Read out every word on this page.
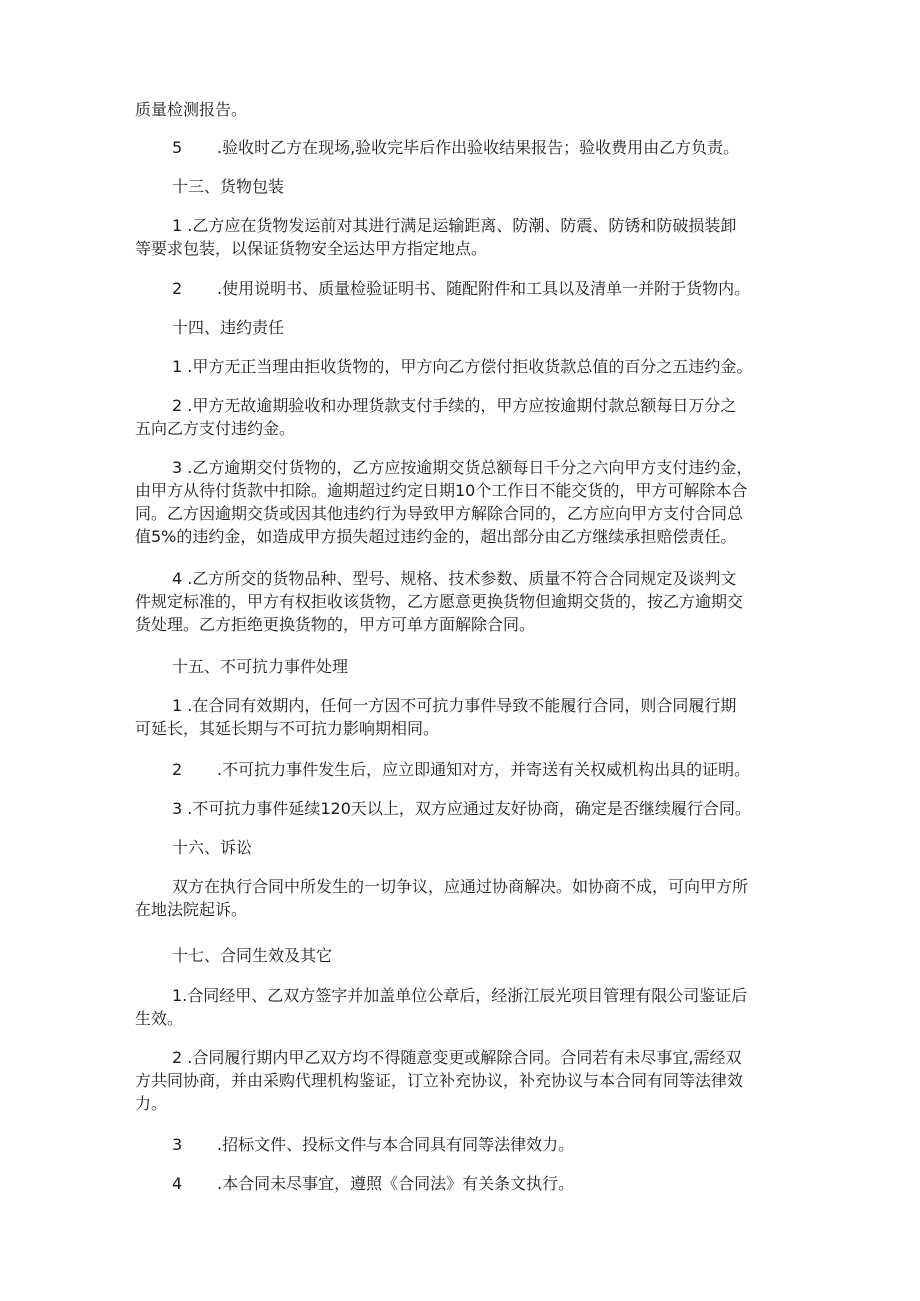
质量检测报告。
5 .验收时乙方在现场,验收完毕后作出验收结果报告；验收费用由乙方负责。
十三、货物包装
1 .乙方应在货物发运前对其进行满足运输距离、防潮、防震、防锈和防破损装卸
等要求包装，以保证货物安全运达甲方指定地点。
2 .使用说明书、质量检验证明书、随配附件和工具以及清单一并附于货物内。
十四、违约责任
1 .甲方无正当理由拒收货物的，甲方向乙方偿付拒收货款总值的百分之五违约金。
2 .甲方无故逾期验收和办理货款支付手续的，甲方应按逾期付款总额每日万分之
五向乙方支付违约金。
3 .乙方逾期交付货物的，乙方应按逾期交货总额每日千分之六向甲方支付违约金，
由甲方从待付货款中扣除。逾期超过约定日期10个工作日不能交货的，甲方可解除本合
同。乙方因逾期交货或因其他违约行为导致甲方解除合同的，乙方应向甲方支付合同总
值5%的违约金，如造成甲方损失超过违约金的，超出部分由乙方继续承担赔偿责任。
4 .乙方所交的货物品种、型号、规格、技术参数、质量不符合合同规定及谈判文
件规定标准的，甲方有权拒收该货物，乙方愿意更换货物但逾期交货的，按乙方逾期交
货处理。乙方拒绝更换货物的，甲方可单方面解除合同。
十五、不可抗力事件处理
1 .在合同有效期内，任何一方因不可抗力事件导致不能履行合同，则合同履行期
可延长，其延长期与不可抗力影响期相同。
2 .不可抗力事件发生后，应立即通知对方，并寄送有关权威机构出具的证明。
3 .不可抗力事件延续120天以上，双方应通过友好协商，确定是否继续履行合同。
十六、诉讼
双方在执行合同中所发生的一切争议，应通过协商解决。如协商不成，可向甲方所
在地法院起诉。
十七、合同生效及其它
1.合同经甲、乙双方签字并加盖单位公章后，经浙江辰光项目管理有限公司鉴证后
生效。
2 .合同履行期内甲乙双方均不得随意变更或解除合同。合同若有未尽事宜,需经双
方共同协商，并由采购代理机构鉴证，订立补充协议，补充协议与本合同有同等法律效
力。
3 .招标文件、投标文件与本合同具有同等法律效力。
4 .本合同未尽事宜，遵照《合同法》有关条文执行。
